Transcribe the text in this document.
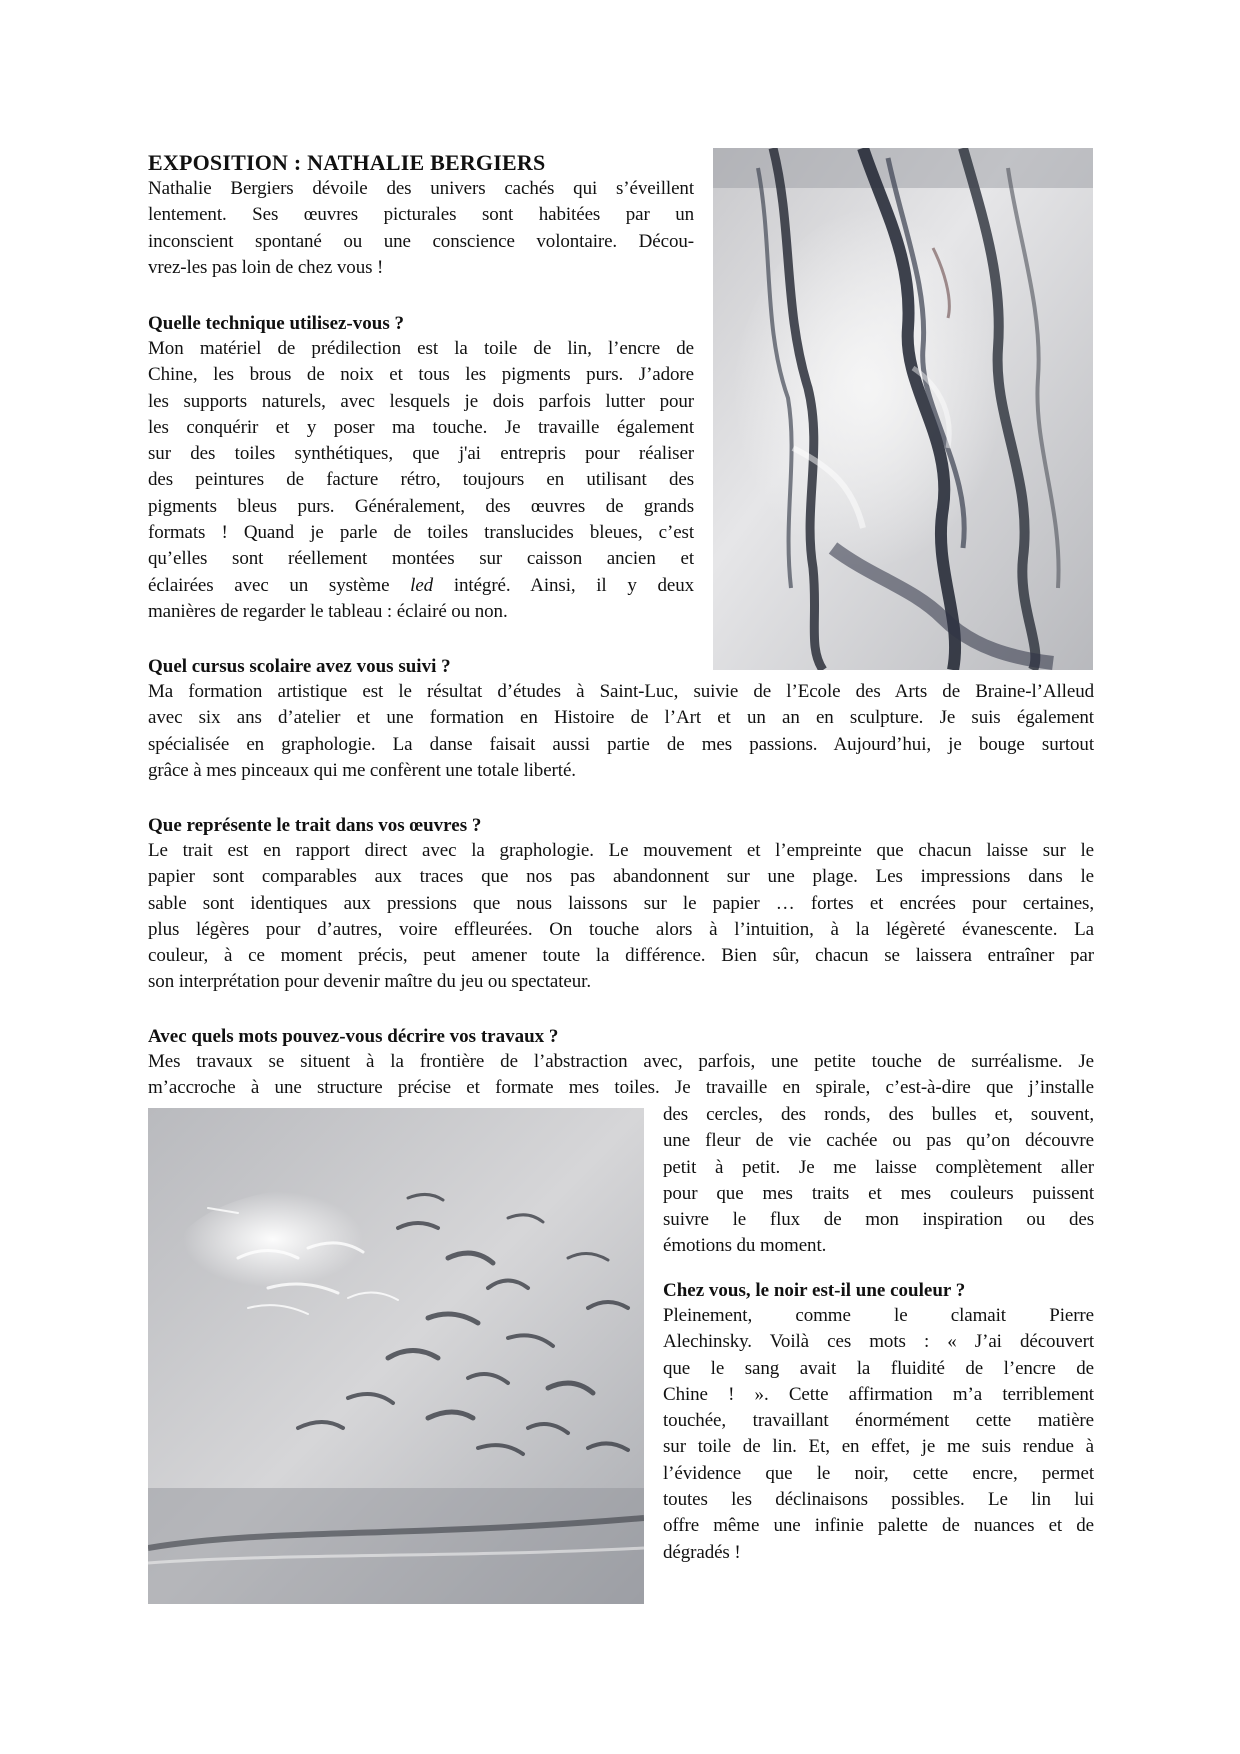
EXPOSITION : NATHALIE BERGIERS
Nathalie Bergiers dévoile des univers cachés qui s’éveillent
lentement. Ses œuvres picturales sont habitées par un
inconscient spontané ou une conscience volontaire. Décou-
vrez-les pas loin de chez vous !
Quelle technique utilisez-vous ?
Mon matériel de prédilection est la toile de lin, l’encre de
Chine, les brous de noix et tous les pigments purs. J’adore
les supports naturels, avec lesquels je dois parfois lutter pour
les conquérir et y poser ma touche. Je travaille également
sur des toiles synthétiques, que j'ai entrepris pour réaliser
des peintures de facture rétro, toujours en utilisant des
pigments bleus purs. Généralement, des œuvres de grands
formats ! Quand je parle de toiles translucides bleues, c’est
qu’elles sont réellement montées sur caisson ancien et
éclairées avec un système led intégré. Ainsi, il y deux
manières de regarder le tableau : éclairé ou non.
Quel cursus scolaire avez vous suivi ?
Ma formation artistique est le résultat d’études à Saint-Luc, suivie de l’Ecole des Arts de Braine-l’Alleud
avec six ans d’atelier et une formation en Histoire de l’Art et un an en sculpture. Je suis également
spécialisée en graphologie. La danse faisait aussi partie de mes passions. Aujourd’hui, je bouge surtout
grâce à mes pinceaux qui me confèrent une totale liberté.
Que représente le trait dans vos œuvres ?
Le trait est en rapport direct avec la graphologie. Le mouvement et l’empreinte que chacun laisse sur le
papier sont comparables aux traces que nos pas abandonnent sur une plage. Les impressions dans le
sable sont identiques aux pressions que nous laissons sur le papier … fortes et encrées pour certaines,
plus légères pour d’autres, voire effleurées. On touche alors à l’intuition, à la légèreté évanescente. La
couleur, à ce moment précis, peut amener toute la différence. Bien sûr, chacun se laissera entraîner par
son interprétation pour devenir maître du jeu ou spectateur.
Avec quels mots pouvez-vous décrire vos travaux ?
Mes travaux se situent à la frontière de l’abstraction avec, parfois, une petite touche de surréalisme. Je
m’accroche à une structure précise et formate mes toiles. Je travaille en spirale, c’est-à-dire que j’installe
des cercles, des ronds, des bulles et, souvent,
une fleur de vie cachée ou pas qu’on découvre
petit à petit. Je me laisse complètement aller
pour que mes traits et mes couleurs puissent
suivre le flux de mon inspiration ou des
émotions du moment.
Chez vous, le noir est-il une couleur ?
Pleinement, comme le clamait Pierre
Alechinsky. Voilà ces mots : « J’ai découvert
que le sang avait la fluidité de l’encre de
Chine ! ». Cette affirmation m’a terriblement
touchée, travaillant énormément cette matière
sur toile de lin. Et, en effet, je me suis rendue à
l’évidence que le noir, cette encre, permet
toutes les déclinaisons possibles. Le lin lui
offre même une infinie palette de nuances et de
dégradés !
